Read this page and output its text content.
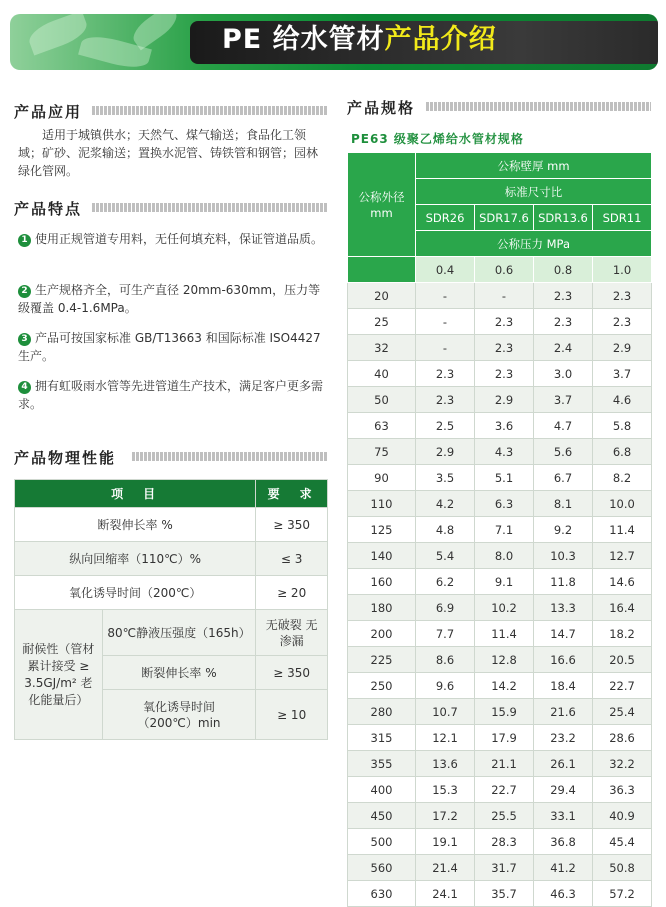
PE 给水管材产品介绍
产品应用
适用于城镇供水；天然气、煤气输送；食品化工领域；矿砂、泥浆输送；置换水泥管、铸铁管和钢管；园林绿化管网。
产品特点
1 使用正规管道专用料，无任何填充料，保证管道品质。
2 生产规格齐全，可生产直径 20mm-630mm，压力等级覆盖 0.4-1.6MPa。
3 产品可按国家标准 GB/T13663 和国际标准 ISO4427 生产。
4 拥有虹吸雨水管等先进管道生产技术，满足客户更多需求。
产品物理性能
项　目		要　求
断裂伸长率 %		≥ 350
纵向回缩率（110℃）%		≤ 3
氧化诱导时间（200℃）		≥ 20
耐候性（管材累计接受 ≥ 3.5GJ/m² 老化能量后）	80℃静液压强度（165h）	无破裂 无渗漏
	断裂伸长率 %	≥ 350
	氧化诱导时间（200℃）min	≥ 10
产品规格
PE63 级聚乙烯给水管材规格
公称外径 mm	公称壁厚 mm			
	标准尺寸比			
	SDR26	SDR17.6	SDR13.6	SDR11
	公称压力 MPa			
	0.4	0.6	0.8	1.0
20	-	-	2.3	2.3
25	-	2.3	2.3	2.3
32	-	2.3	2.4	2.9
40	2.3	2.3	3.0	3.7
50	2.3	2.9	3.7	4.6
63	2.5	3.6	4.7	5.8
75	2.9	4.3	5.6	6.8
90	3.5	5.1	6.7	8.2
110	4.2	6.3	8.1	10.0
125	4.8	7.1	9.2	11.4
140	5.4	8.0	10.3	12.7
160	6.2	9.1	11.8	14.6
180	6.9	10.2	13.3	16.4
200	7.7	11.4	14.7	18.2
225	8.6	12.8	16.6	20.5
250	9.6	14.2	18.4	22.7
280	10.7	15.9	21.6	25.4
315	12.1	17.9	23.2	28.6
355	13.6	21.1	26.1	32.2
400	15.3	22.7	29.4	36.3
450	17.2	25.5	33.1	40.9
500	19.1	28.3	36.8	45.4
560	21.4	31.7	41.2	50.8
630	24.1	35.7	46.3	57.2
